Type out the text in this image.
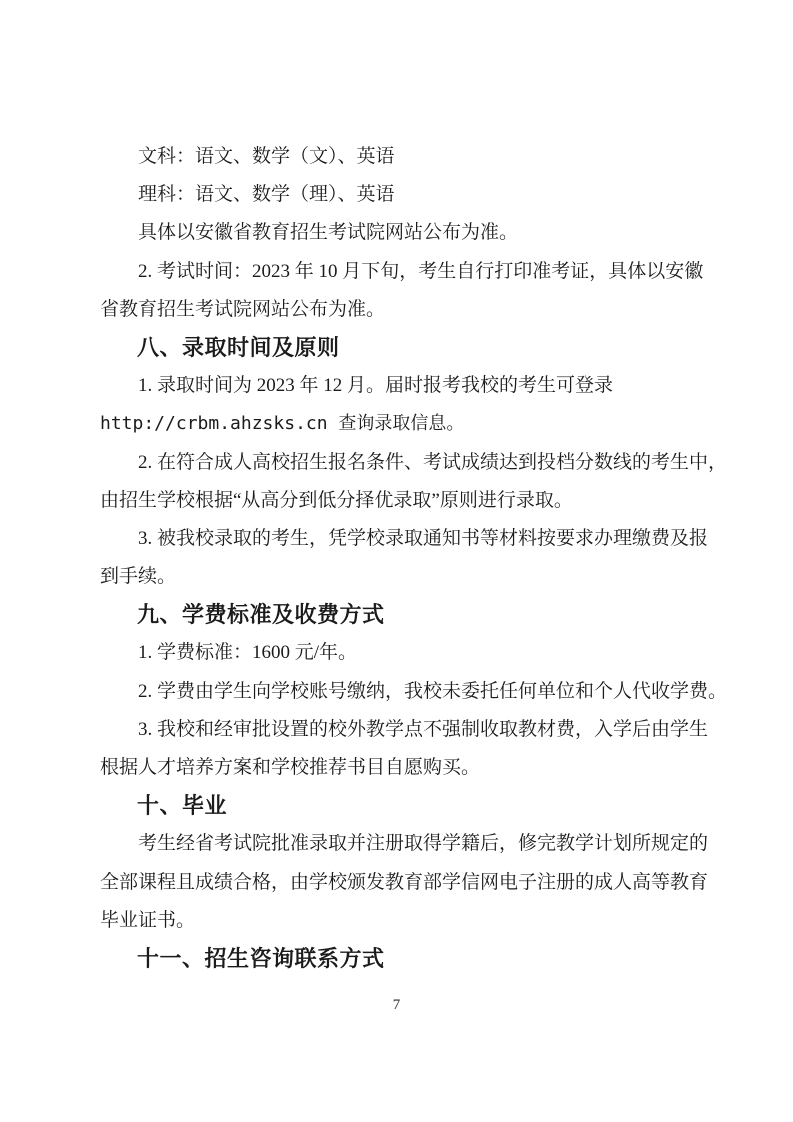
文科：语文、数学（文）、英语
理科：语文、数学（理）、英语
具体以安徽省教育招生考试院网站公布为准。
2. 考试时间：2023 年 10 月下旬，考生自行打印准考证，具体以安徽
省教育招生考试院网站公布为准。
八、录取时间及原则
1. 录取时间为 2023 年 12 月。届时报考我校的考生可登录
http://crbm.ahzsks.cn 查询录取信息。
2. 在符合成人高校招生报名条件、考试成绩达到投档分数线的考生中，
由招生学校根据“从高分到低分择优录取”原则进行录取。
3. 被我校录取的考生，凭学校录取通知书等材料按要求办理缴费及报
到手续。
九、学费标准及收费方式
1. 学费标准：1600 元/年。
2. 学费由学生向学校账号缴纳，我校未委托任何单位和个人代收学费。
3. 我校和经审批设置的校外教学点不强制收取教材费，入学后由学生
根据人才培养方案和学校推荐书目自愿购买。
十、毕业
考生经省考试院批准录取并注册取得学籍后，修完教学计划所规定的
全部课程且成绩合格，由学校颁发教育部学信网电子注册的成人高等教育
毕业证书。
十一、招生咨询联系方式
7
